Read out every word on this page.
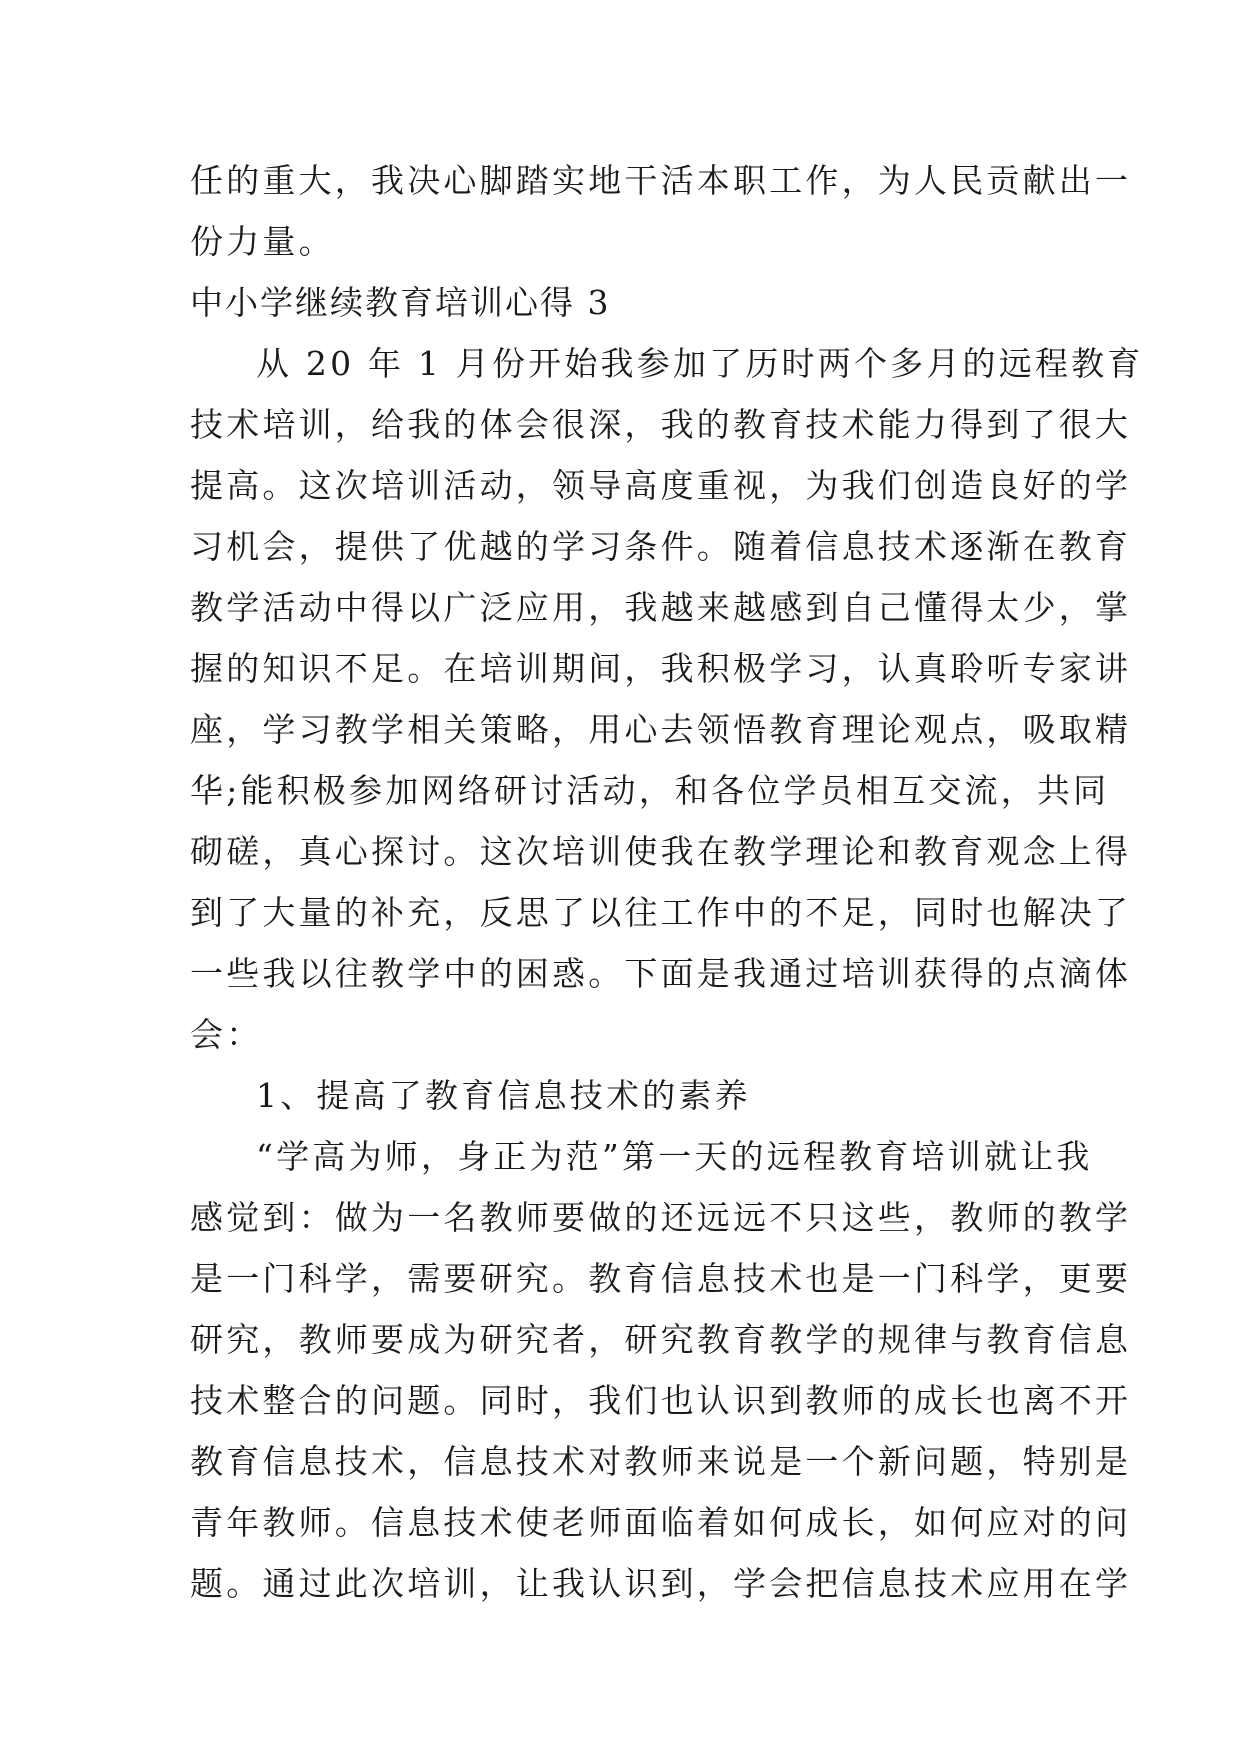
任的重大，我决心脚踏实地干活本职工作，为人民贡献出一

份力量。

中小学继续教育培训心得 3

从 20 年 1 月份开始我参加了历时两个多月的远程教育

技术培训，给我的体会很深，我的教育技术能力得到了很大

提高。这次培训活动，领导高度重视，为我们创造良好的学

习机会，提供了优越的学习条件。随着信息技术逐渐在教育

教学活动中得以广泛应用，我越来越感到自己懂得太少，掌

握的知识不足。在培训期间，我积极学习，认真聆听专家讲

座，学习教学相关策略，用心去领悟教育理论观点，吸取精

华;能积极参加网络研讨活动，和各位学员相互交流，共同

砌磋，真心探讨。这次培训使我在教学理论和教育观念上得

到了大量的补充，反思了以往工作中的不足，同时也解决了

一些我以往教学中的困惑。下面是我通过培训获得的点滴体

会：

1、提高了教育信息技术的素养

“学高为师，身正为范”第一天的远程教育培训就让我

感觉到：做为一名教师要做的还远远不只这些，教师的教学

是一门科学，需要研究。教育信息技术也是一门科学，更要

研究，教师要成为研究者，研究教育教学的规律与教育信息

技术整合的问题。同时，我们也认识到教师的成长也离不开

教育信息技术，信息技术对教师来说是一个新问题，特别是

青年教师。信息技术使老师面临着如何成长，如何应对的问

题。通过此次培训，让我认识到，学会把信息技术应用在学
